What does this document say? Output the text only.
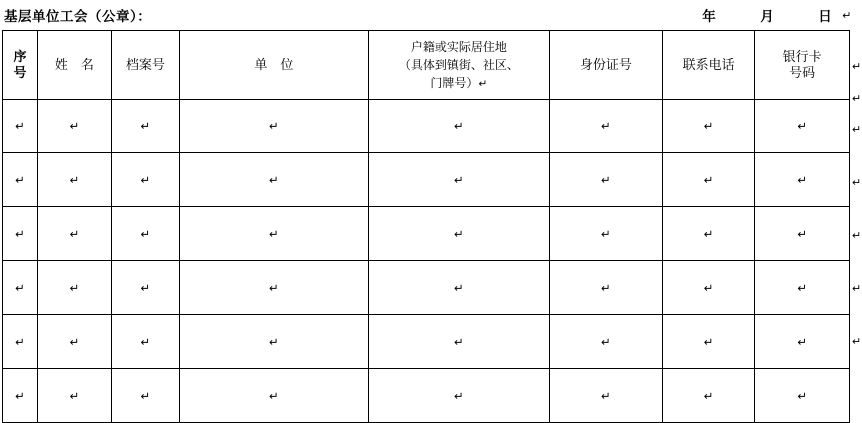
基层单位工会（公章）：	年	月	日 ↵
序
号	姓　名	档案号	单　位	户籍或实际居住地
（具体到镇街、社区、
门牌号）↵	身份证号	联系电话	银行卡
号码

↵	↵	↵	↵	↵	↵	↵	↵
↵	↵	↵	↵	↵	↵	↵	↵
↵	↵	↵	↵	↵	↵	↵	↵
↵	↵	↵	↵	↵	↵	↵	↵
↵	↵	↵	↵	↵	↵	↵	↵
↵	↵	↵	↵	↵	↵	↵	↵
↵
↵
↵
↵
↵
↵
↵
